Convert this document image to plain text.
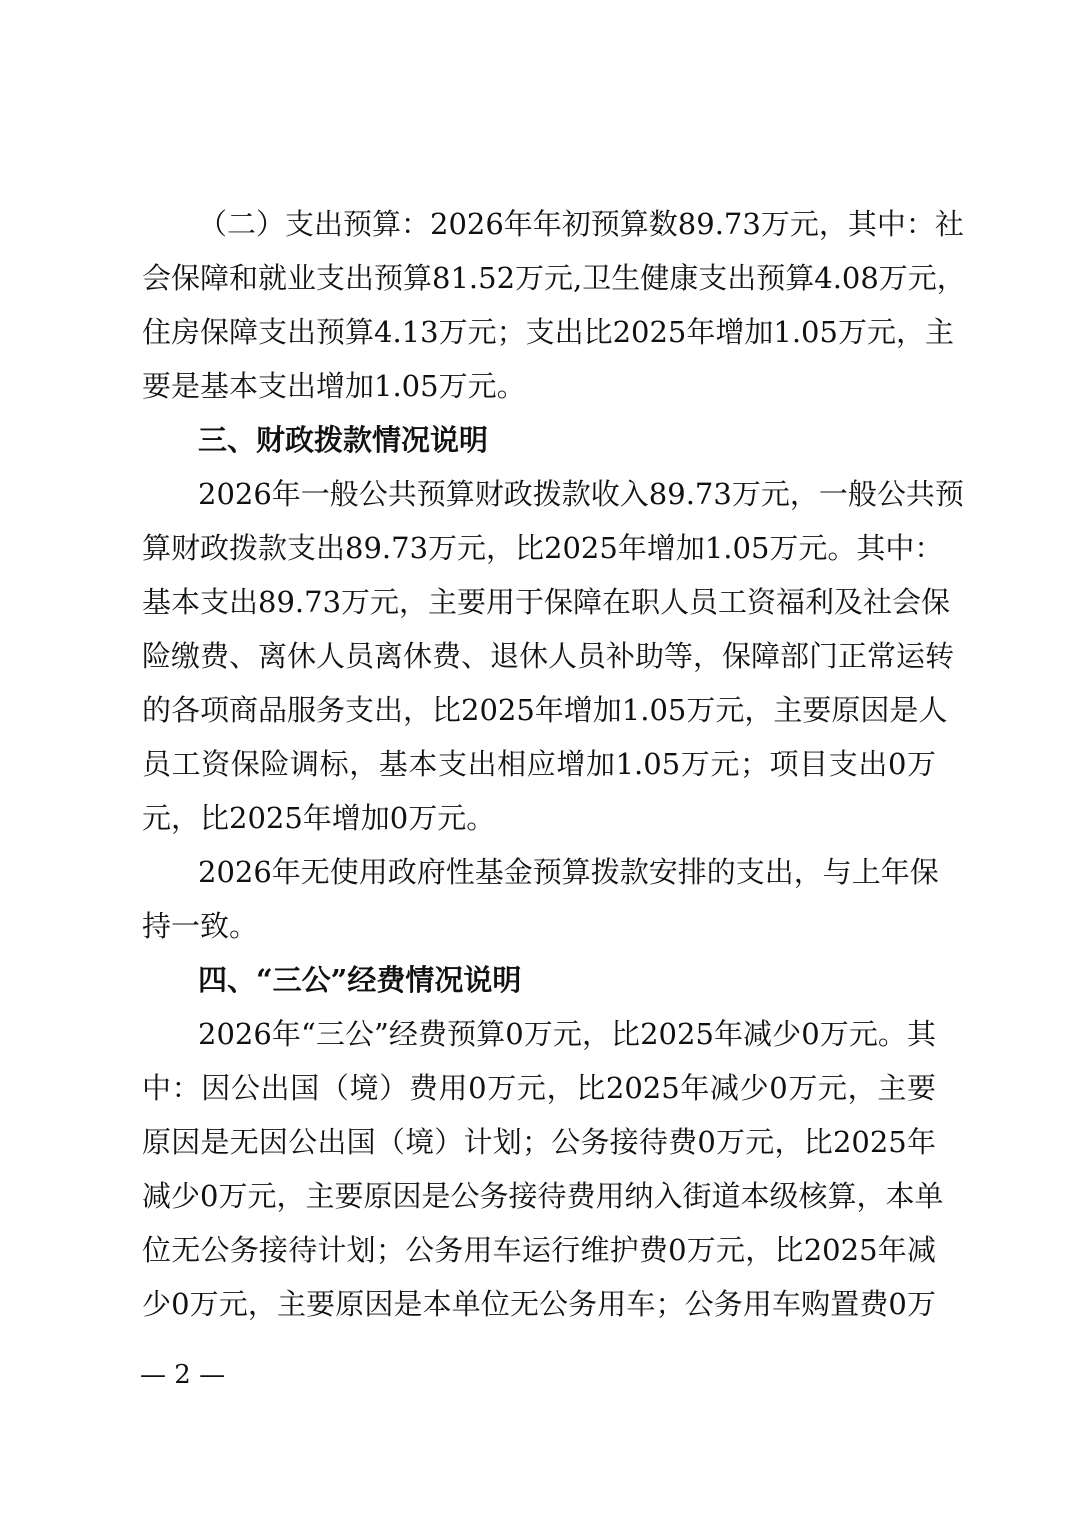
（二）支出预算：2026年年初预算数89.73万元，其中：社
会保障和就业支出预算81.52万元,卫生健康支出预算4.08万元，
住房保障支出预算4.13万元；支出比2025年增加1.05万元，主
要是基本支出增加1.05万元。
三、财政拨款情况说明
2026年一般公共预算财政拨款收入89.73万元，一般公共预
算财政拨款支出89.73万元，比2025年增加1.05万元。其中：
基本支出89.73万元，主要用于保障在职人员工资福利及社会保
险缴费、离休人员离休费、退休人员补助等，保障部门正常运转
的各项商品服务支出，比2025年增加1.05万元，主要原因是人
员工资保险调标，基本支出相应增加1.05万元；项目支出0万
元，比2025年增加0万元。
2026年无使用政府性基金预算拨款安排的支出，与上年保
持一致。
四、“三公”经费情况说明
2026年“三公”经费预算0万元，比2025年减少0万元。其
中：因公出国（境）费用0万元，比2025年减少0万元，主要
原因是无因公出国（境）计划；公务接待费0万元，比2025年
减少0万元，主要原因是公务接待费用纳入街道本级核算，本单
位无公务接待计划；公务用车运行维护费0万元，比2025年减
少0万元，主要原因是本单位无公务用车；公务用车购置费0万
— 2 —
